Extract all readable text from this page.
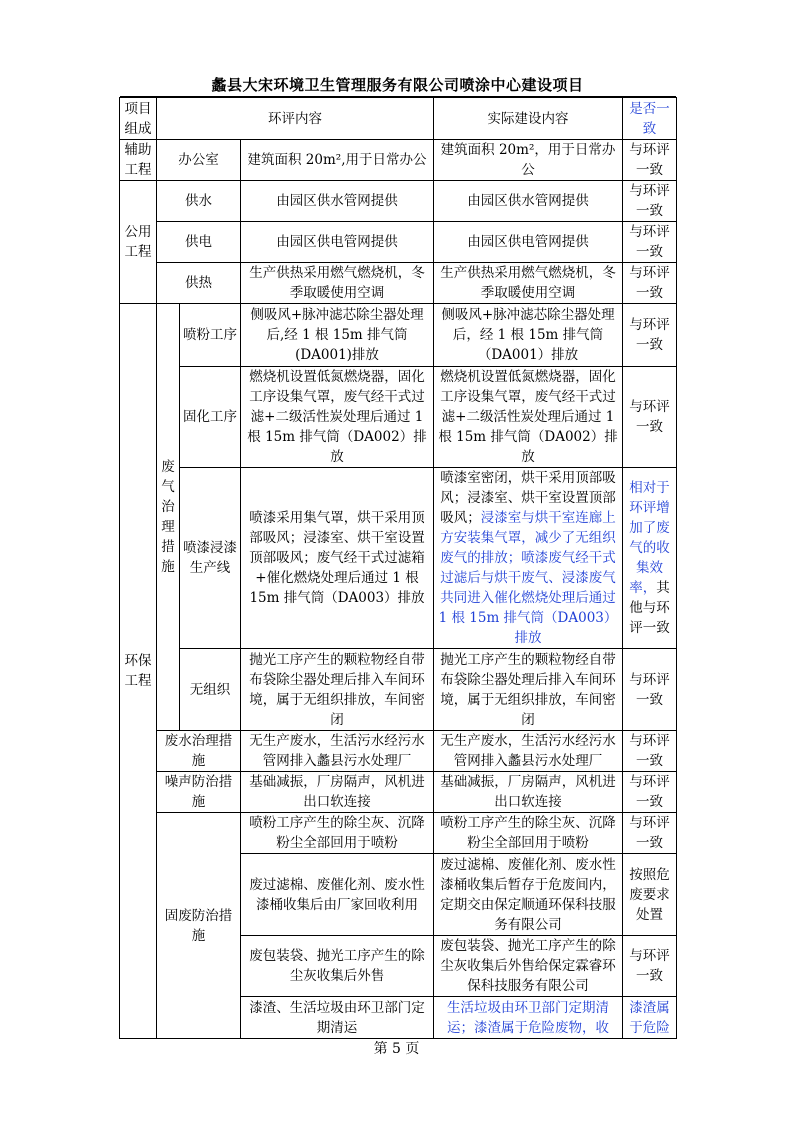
蠡县大宋环境卫生管理服务有限公司喷涂中心建设项目
项目组成	环评内容			实际建设内容	是否一致
辅助工程	办公室		建筑面积 20m²,用于日常办公	建筑面积 20m²，用于日常办公	与环评一致
公用工程	供水		由园区供水管网提供	由园区供水管网提供	与环评一致
	供电		由园区供电管网提供	由园区供电管网提供	与环评一致
	供热		生产供热采用燃气燃烧机，冬季取暖使用空调	生产供热采用燃气燃烧机，冬季取暖使用空调	与环评一致
环保工程	废气治理措施	喷粉工序	侧吸风+脉冲滤芯除尘器处理后,经 1 根 15m 排气筒(DA001)排放	侧吸风+脉冲滤芯除尘器处理后，经 1 根 15m 排气筒（DA001）排放	与环评一致
		固化工序	燃烧机设置低氮燃烧器，固化工序设集气罩，废气经干式过滤+二级活性炭处理后通过 1 根 15m 排气筒（DA002）排放	燃烧机设置低氮燃烧器，固化工序设集气罩，废气经干式过滤+二级活性炭处理后通过 1 根 15m 排气筒（DA002）排放	与环评一致
		喷漆浸漆生产线	喷漆采用集气罩，烘干采用顶部吸风；浸漆室、烘干室设置顶部吸风；废气经干式过滤箱+催化燃烧处理后通过 1 根 15m 排气筒（DA003）排放	喷漆室密闭，烘干采用顶部吸风；浸漆室、烘干室设置顶部吸风；浸漆室与烘干室连廊上方安装集气罩，减少了无组织废气的排放；喷漆废气经干式过滤后与烘干废气、浸漆废气共同进入催化燃烧处理后通过 1 根 15m 排气筒（DA003）排放	相对于环评增加了废气的收集效率，其他与环评一致
		无组织	抛光工序产生的颗粒物经自带布袋除尘器处理后排入车间环境，属于无组织排放，车间密闭	抛光工序产生的颗粒物经自带布袋除尘器处理后排入车间环境，属于无组织排放，车间密闭	与环评一致
	废水治理措施		无生产废水，生活污水经污水管网排入蠡县污水处理厂	无生产废水，生活污水经污水管网排入蠡县污水处理厂	与环评一致
	噪声防治措施		基础减振，厂房隔声，风机进出口软连接	基础减振，厂房隔声，风机进出口软连接	与环评一致
	固废防治措施		喷粉工序产生的除尘灰、沉降粉尘全部回用于喷粉	喷粉工序产生的除尘灰、沉降粉尘全部回用于喷粉	与环评一致
			废过滤棉、废催化剂、废水性漆桶收集后由厂家回收利用	废过滤棉、废催化剂、废水性漆桶收集后暂存于危废间内，定期交由保定顺通环保科技服务有限公司	按照危废要求处置
			废包装袋、抛光工序产生的除尘灰收集后外售	废包装袋、抛光工序产生的除尘灰收集后外售给保定霖睿环保科技服务有限公司	与环评一致
			漆渣、生活垃圾由环卫部门定期清运	生活垃圾由环卫部门定期清运；漆渣属于危险废物，收	漆渣属于危险
第 5 页
